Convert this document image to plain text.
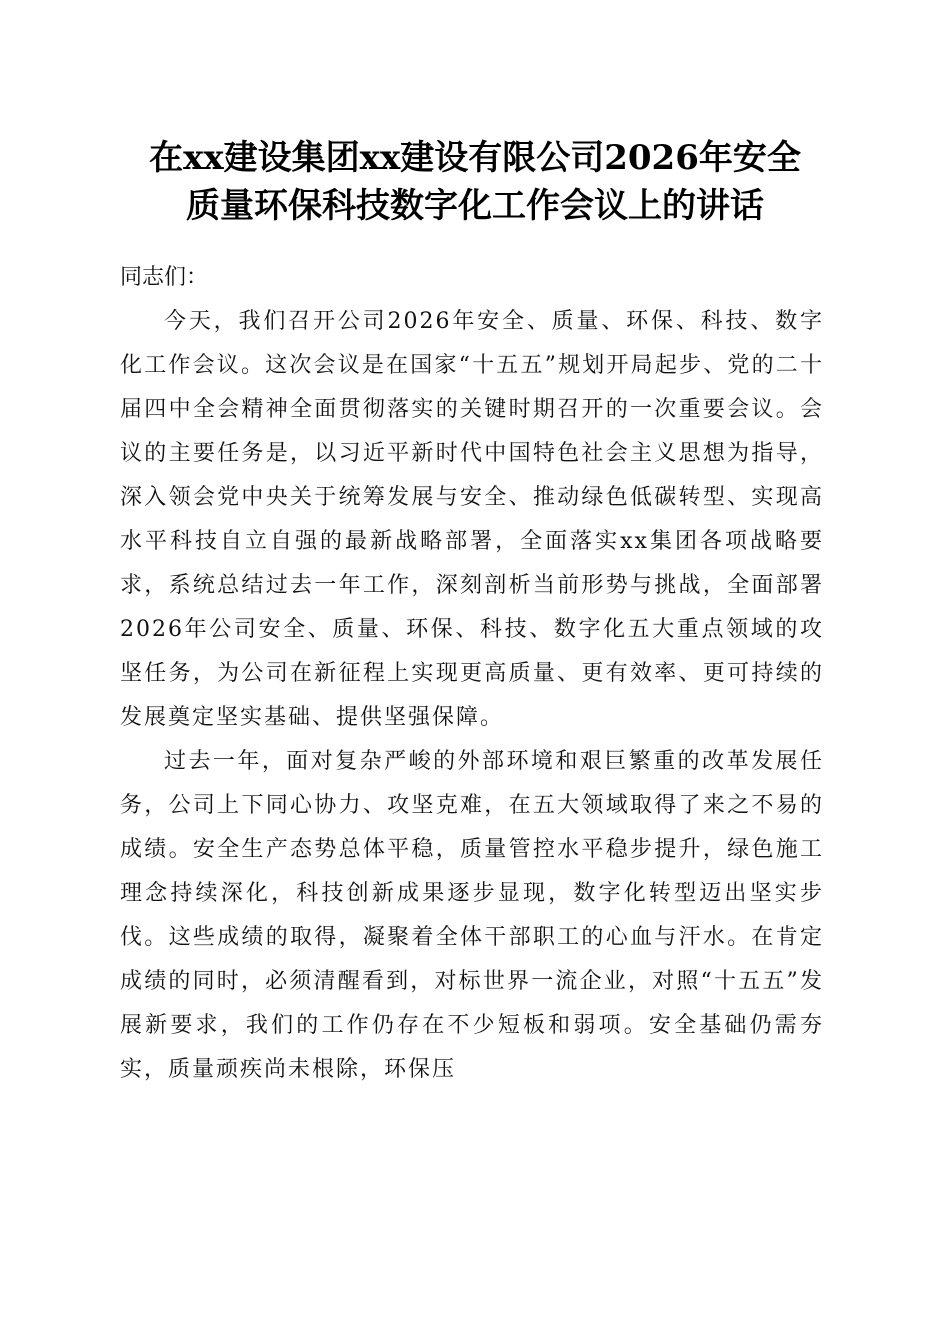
在xx建设集团xx建设有限公司2026年安全
质量环保科技数字化工作会议上的讲话

同志们：

今天，我们召开公司2026年安全、质量、环保、科技、数字化工作会议。这次会议是在国家“十五五”规划开局起步、党的二十届四中全会精神全面贯彻落实的关键时期召开的一次重要会议。会议的主要任务是，以习近平新时代中国特色社会主义思想为指导，深入领会党中央关于统筹发展与安全、推动绿色低碳转型、实现高水平科技自立自强的最新战略部署，全面落实xx集团各项战略要求，系统总结过去一年工作，深刻剖析当前形势与挑战，全面部署2026年公司安全、质量、环保、科技、数字化五大重点领域的攻坚任务，为公司在新征程上实现更高质量、更有效率、更可持续的发展奠定坚实基础、提供坚强保障。

过去一年，面对复杂严峻的外部环境和艰巨繁重的改革发展任务，公司上下同心协力、攻坚克难，在五大领域取得了来之不易的成绩。安全生产态势总体平稳，质量管控水平稳步提升，绿色施工理念持续深化，科技创新成果逐步显现，数字化转型迈出坚实步伐。这些成绩的取得，凝聚着全体干部职工的心血与汗水。在肯定成绩的同时，必须清醒看到，对标世界一流企业，对照“十五五”发展新要求，我们的工作仍存在不少短板和弱项。安全基础仍需夯实，质量顽疾尚未根除，环保压
